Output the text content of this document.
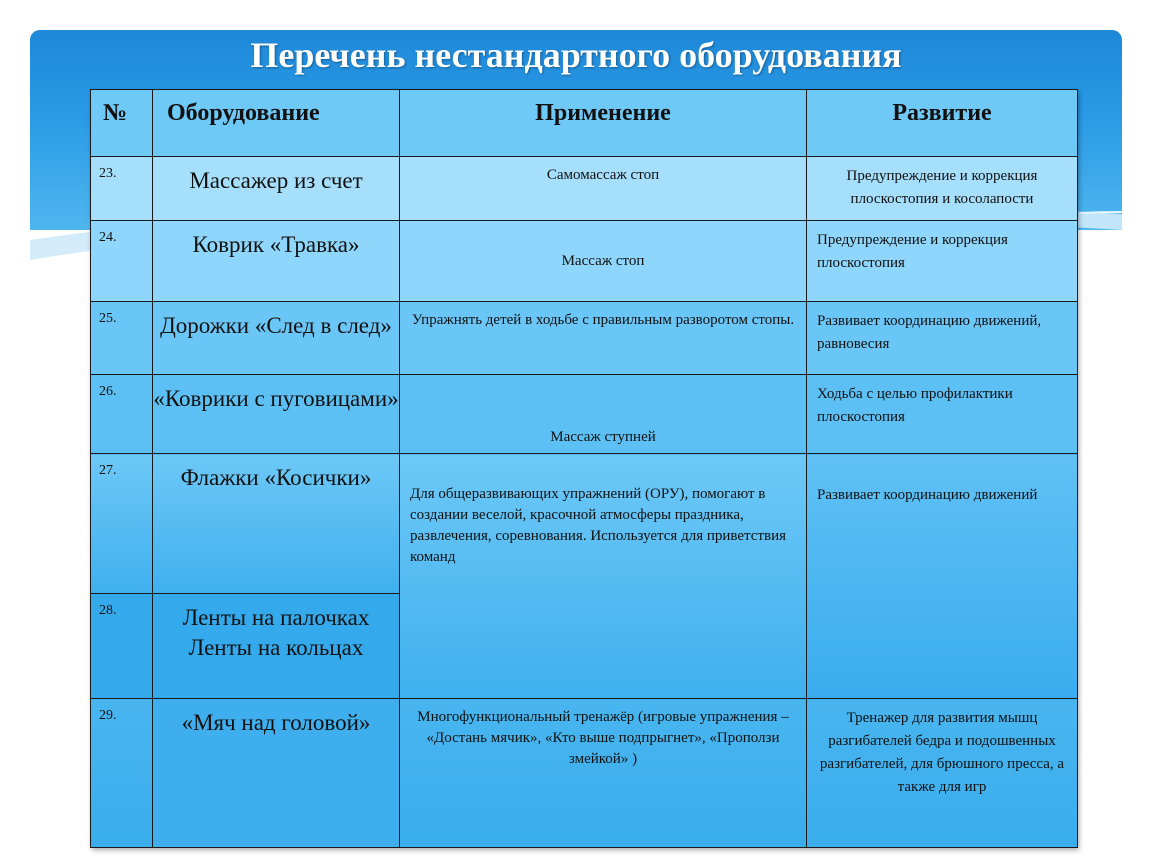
Перечень нестандартного оборудования
№	Оборудование	Применение	Развитие
23.	Массажер из счет	Самомассаж стоп	Предупреждение и коррекция плоскостопия и косолапости
24.	Коврик «Травка»	Массаж стоп	Предупреждение и коррекция плоскостопия
25.	Дорожки «След в след»	Упражнять детей в ходьбе с правильным разворотом стопы.	Развивает координацию движений, равновесия
26.	«Коврики с пуговицами»	Массаж ступней	Ходьба с целью профилактики плоскостопия
27.	Флажки «Косички»	Для общеразвивающих упражнений (ОРУ), помогают в создании веселой, красочной атмосферы праздника, развлечения, соревнования. Используется для приветствия команд	Развивает координацию движений
28.	Ленты на палочках Ленты на кольцах		
29.	«Мяч над головой»	Многофункциональный тренажёр (игровые упражнения – «Достань мячик», «Кто выше подпрыгнет», «Проползи змейкой» )	Тренажер для развития мышц разгибателей бедра и подошвенных разгибателей, для брюшного пресса, а также для игр
